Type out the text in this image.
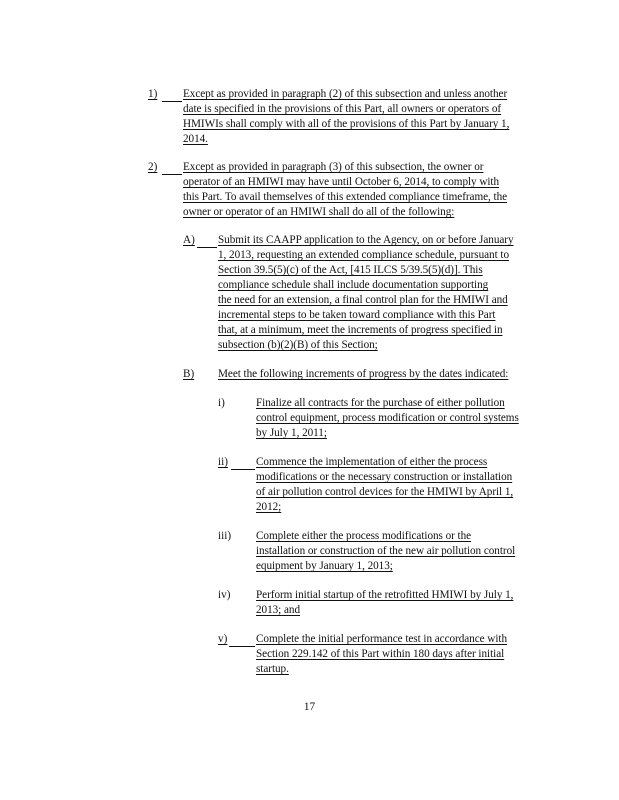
1) Except as provided in paragraph (2) of this subsection and unless another
date is specified in the provisions of this Part, all owners or operators of
HMIWIs shall comply with all of the provisions of this Part by January 1,
2014.
2) Except as provided in paragraph (3) of this subsection, the owner or
operator of an HMIWI may have until October 6, 2014, to comply with
this Part. To avail themselves of this extended compliance timeframe, the
owner or operator of an HMIWI shall do all of the following:
A) Submit its CAAPP application to the Agency, on or before January
1, 2013, requesting an extended compliance schedule, pursuant to
Section 39.5(5)(c) of the Act, [415 ILCS 5/39.5(5)(d)]. This
compliance schedule shall include documentation supporting
the need for an extension, a final control plan for the HMIWI and
incremental steps to be taken toward compliance with this Part
that, at a minimum, meet the increments of progress specified in
subsection (b)(2)(B) of this Section;
B) Meet the following increments of progress by the dates indicated:
i)	Finalize all contracts for the purchase of either pollution
control equipment, process modification or control systems
by July 1, 2011;
ii)	Commence the implementation of either the process
modifications or the necessary construction or installation
of air pollution control devices for the HMIWI by April 1,
2012;
iii) Complete either the process modifications or the
installation or construction of the new air pollution control
equipment by January 1, 2013;
iv) Perform initial startup of the retrofitted HMIWI by July 1,
2013; and
v)	Complete the initial performance test in accordance with
Section 229.142 of this Part within 180 days after initial
startup.
17
